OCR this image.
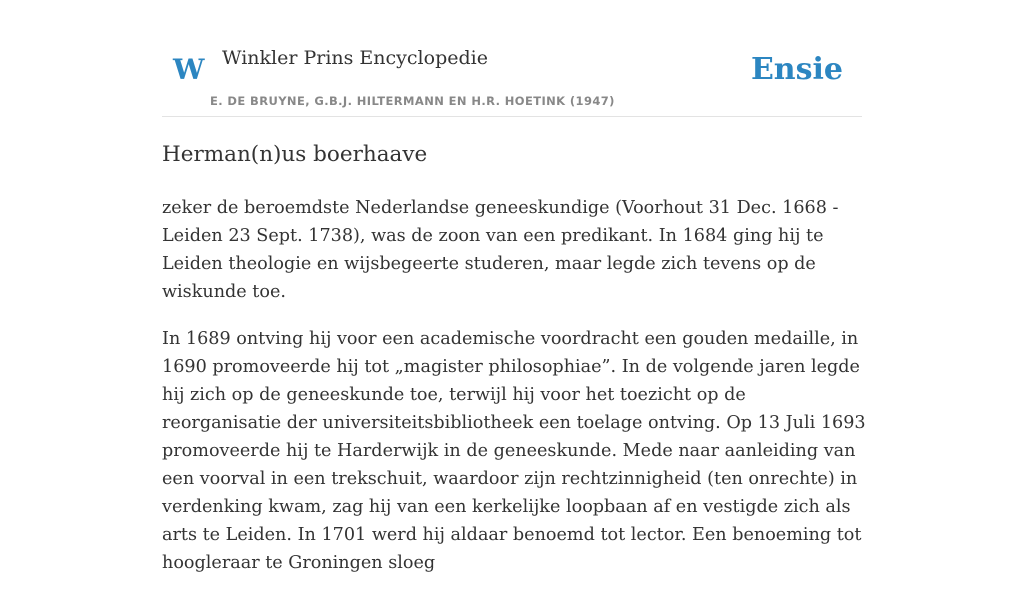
W Winkler Prins Encyclopedie
E. DE BRUYNE, G.B.J. HILTERMANN EN H.R. HOETINK (1947)
Ensie
Herman(n)us boerhaave

zeker de beroemdste Nederlandse geneeskundige (Voorhout 31 Dec. 1668 - Leiden 23 Sept. 1738), was de zoon van een predikant. In 1684 ging hij te Leiden theologie en wijsbegeerte studeren, maar legde zich tevens op de wiskunde toe.

In 1689 ontving hij voor een academische voordracht een gouden medaille, in 1690 promoveerde hij tot „magister philosophiae”. In de volgende jaren legde hij zich op de geneeskunde toe, terwijl hij voor het toezicht op de reorganisatie der universiteitsbibliotheek een toelage ontving. Op 13 Juli 1693 promoveerde hij te Harderwijk in de geneeskunde. Mede naar aanleiding van een voorval in een trekschuit, waardoor zijn rechtzinnigheid (ten onrechte) in verdenking kwam, zag hij van een kerkelijke loopbaan af en vestigde zich als arts te Leiden. In 1701 werd hij aldaar benoemd tot lector. Een benoeming tot hoogleraar te Groningen sloeg
